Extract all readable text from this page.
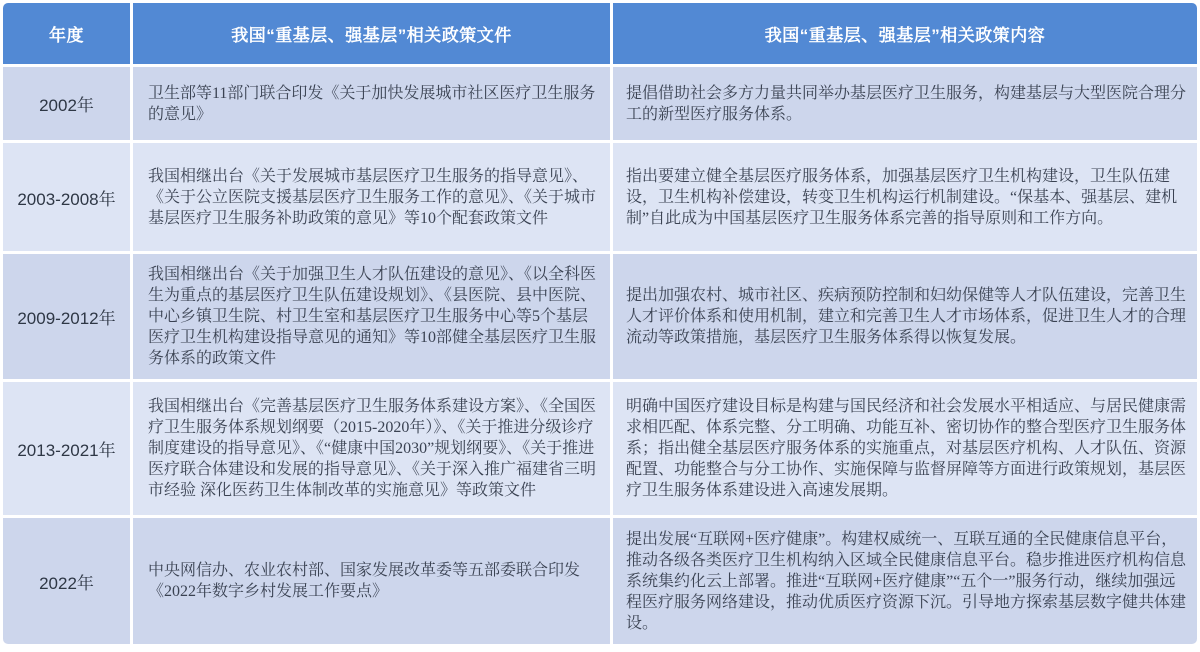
年度	我国“重基层、强基层”相关政策文件	我国“重基层、强基层”相关政策内容
2002年
卫生部等11部门联合印发《关于加快发展城市社区医疗卫生服务的意见》
提倡借助社会多方力量共同举办基层医疗卫生服务，构建基层与大型医院合理分工的新型医疗服务体系。
2003-2008年
我国相继出台《关于发展城市基层医疗卫生服务的指导意见》、《关于公立医院支援基层医疗卫生服务工作的意见》、《关于城市基层医疗卫生服务补助政策的意见》等10个配套政策文件
指出要建立健全基层医疗服务体系，加强基层医疗卫生机构建设，卫生队伍建设，卫生机构补偿建设，转变卫生机构运行机制建设。“保基本、强基层、建机制”自此成为中国基层医疗卫生服务体系完善的指导原则和工作方向。
2009-2012年
我国相继出台《关于加强卫生人才队伍建设的意见》、《以全科医生为重点的基层医疗卫生队伍建设规划》、《县医院、县中医院、中心乡镇卫生院、村卫生室和基层医疗卫生服务中心等5个基层医疗卫生机构建设指导意见的通知》等10部健全基层医疗卫生服务体系的政策文件
提出加强农村、城市社区、疾病预防控制和妇幼保健等人才队伍建设，完善卫生人才评价体系和使用机制，建立和完善卫生人才市场体系，促进卫生人才的合理流动等政策措施，基层医疗卫生服务体系得以恢复发展。
2013-2021年
我国相继出台《完善基层医疗卫生服务体系建设方案》、《全国医疗卫生服务体系规划纲要（2015-2020年）》、《关于推进分级诊疗制度建设的指导意见》、《“健康中国2030”规划纲要》、《关于推进医疗联合体建设和发展的指导意见》、《关于深入推广福建省三明市经验 深化医药卫生体制改革的实施意见》等政策文件
明确中国医疗建设目标是构建与国民经济和社会发展水平相适应、与居民健康需求相匹配、体系完整、分工明确、功能互补、密切协作的整合型医疗卫生服务体系；指出健全基层医疗服务体系的实施重点，对基层医疗机构、人才队伍、资源配置、功能整合与分工协作、实施保障与监督屏障等方面进行政策规划，基层医疗卫生服务体系建设进入高速发展期。
2022年
中央网信办、农业农村部、国家发展改革委等五部委联合印发《2022年数字乡村发展工作要点》
提出发展“互联网+医疗健康”。构建权威统一、互联互通的全民健康信息平台，推动各级各类医疗卫生机构纳入区域全民健康信息平台。稳步推进医疗机构信息系统集约化云上部署。推进“互联网+医疗健康”“五个一”服务行动，继续加强远程医疗服务网络建设，推动优质医疗资源下沉。引导地方探索基层数字健共体建设。
